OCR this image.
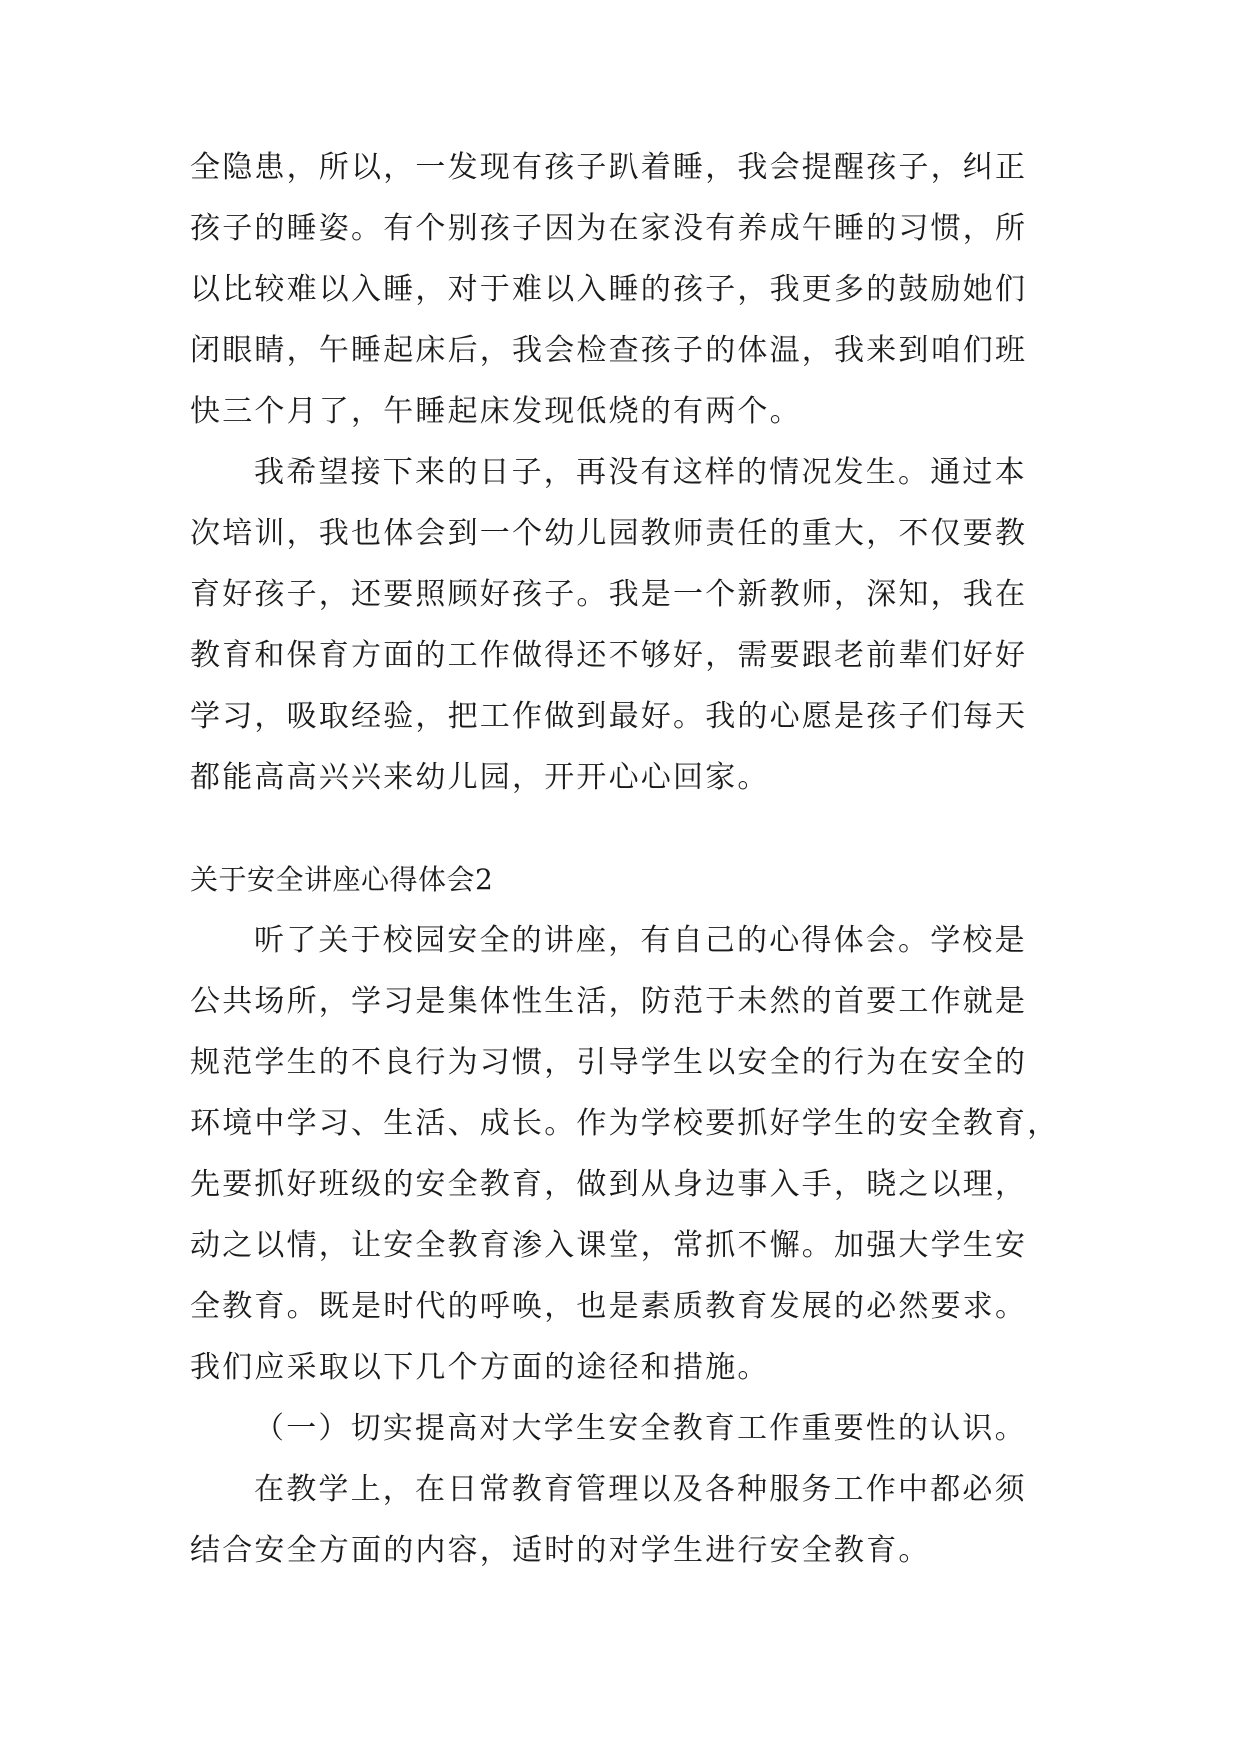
全隐患，所以，一发现有孩子趴着睡，我会提醒孩子，纠正
孩子的睡姿。有个别孩子因为在家没有养成午睡的习惯，所
以比较难以入睡，对于难以入睡的孩子，我更多的鼓励她们
闭眼睛，午睡起床后，我会检查孩子的体温，我来到咱们班
快三个月了，午睡起床发现低烧的有两个。
我希望接下来的日子，再没有这样的情况发生。通过本
次培训，我也体会到一个幼儿园教师责任的重大，不仅要教
育好孩子，还要照顾好孩子。我是一个新教师，深知，我在
教育和保育方面的工作做得还不够好，需要跟老前辈们好好
学习，吸取经验，把工作做到最好。我的心愿是孩子们每天
都能高高兴兴来幼儿园，开开心心回家。
关于安全讲座心得体会2
听了关于校园安全的讲座，有自己的心得体会。学校是
公共场所，学习是集体性生活，防范于未然的首要工作就是
规范学生的不良行为习惯，引导学生以安全的行为在安全的
环境中学习、生活、成长。作为学校要抓好学生的安全教育，
先要抓好班级的安全教育，做到从身边事入手，晓之以理，
动之以情，让安全教育渗入课堂，常抓不懈。加强大学生安
全教育。既是时代的呼唤，也是素质教育发展的必然要求。
我们应采取以下几个方面的途径和措施。
（一）切实提高对大学生安全教育工作重要性的认识。
在教学上，在日常教育管理以及各种服务工作中都必须
结合安全方面的内容，适时的对学生进行安全教育。
